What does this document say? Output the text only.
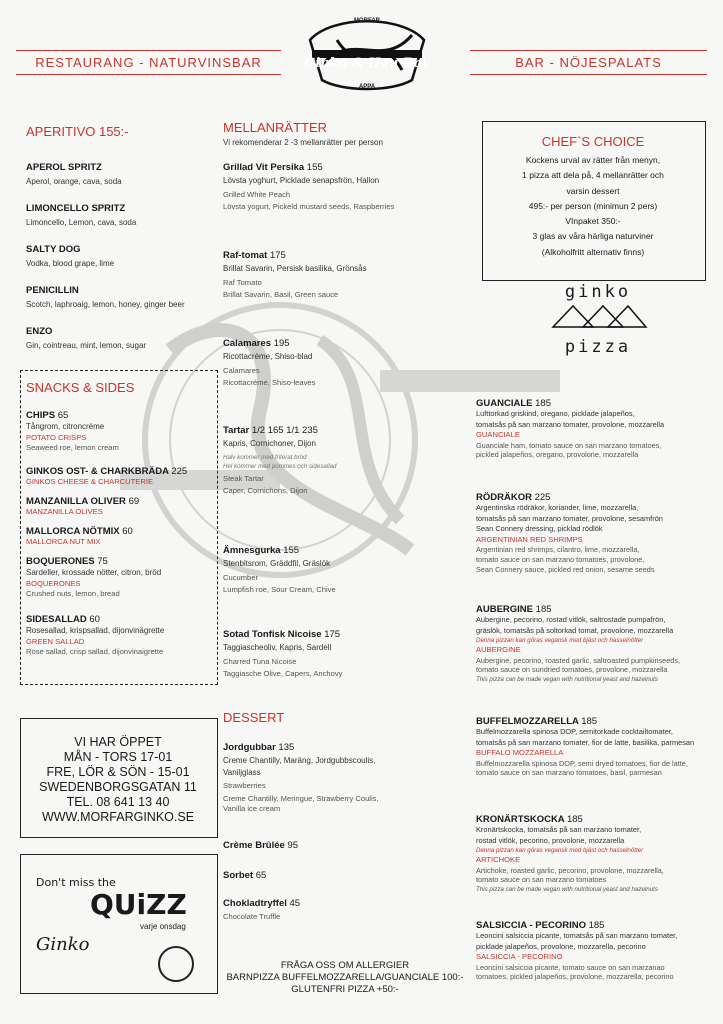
RESTAURANG - NATURVINSBAR	BAR - NÖJESPALATS
Ginko & Hau Bay
MORFAR
APPA
APERITIVO 155:-
APEROL SPRITZ
Aperol, orange, cava, soda
LIMONCELLO SPRITZ
Limoncello, Lemon, cava, soda
SALTY DOG
Vodka, blood grape, lime
PENICILLIN
Scotch, laphroaig, lemon, honey, ginger beer
ENZO
Gin, cointreau, mint, lemon, sugar
SNACKS & SIDES
CHIPS 65
Tångrom, citroncréme
POTATO CRISPS
Seaweed roe, lemon cream
GINKOS OST- & CHARKBRÄDA 225
GINKOS CHEESE & CHARCUTERIE
MANZANILLA OLIVER 69
MANZANILLA OLIVES
MALLORCA NÖTMIX 60
MALLORCA NUT MIX
BOQUERONES 75
Sardeller, krossade nötter, citron, bröd
BOQUERONES
Crushed nuts, lemon, bread
SIDESALLAD 60
Rosesallad, krispsallad, dijonvinägrette
GREEN SALLAD
Rose sallad, crisp sallad, dijonvinaigrette
VI HAR ÖPPET
MÅN - TORS 17-01
FRE, LÖR & SÖN - 15-01
SWEDENBORGSGATAN 11
TEL. 08 641 13 40
WWW.MORFARGINKO.SE
Don't miss the
QUiZZ
varje onsdag
Ginko
MELLANRÄTTER
Vi rekomenderar 2 -3 mellanrätter per person
Grillad Vit Persika 155
Lövsta yoghurt, Picklade senapsfrön, Hallon
Grilled White Peach
Lövsta yogurt, Pickeld mustard seeds, Raspberries
Raf-tomat 175
Brillat Savarin, Persisk basilika, Grönsås
Raf Tomato
Brillat Savarin, Basil, Green sauce
Calamares 195
Ricottacréme, Shiso-blad
Calamares
Ricottacréme, Shiso-leaves
Tartar 1/2 165 1/1 235
Kapris, Cornichoner, Dijon
Halv kommer med friterat bröd
Hel kommer med pommes och sidesallad
Steak Tartar
Caper, Cornichons, Dijon
Ämnesgurka 155
Stenbitsrom, Gräddfil, Gräslök
Cucumber
Lumpfish roe, Sour Cream, Chive
Sotad Tonfisk Nicoise 175
Taggiascheoliv, Kapris, Sardell
Charred Tuna Nicoise
Taggiasche Olive, Capers, Anchovy
DESSERT
Jordgubbar 135
Creme Chantilly, Maräng, Jordgubbscoulis,
Vaniljglass
Strawberries
Creme Chantilly, Meringue, Strawberry Coulis,
Vanilla ice cream
Crème Brûlée 95
Sorbet 65
Chokladtryffel 45
Chocolate Truffle
FRÅGA OSS OM ALLERGIER
BARNPIZZA BUFFELMOZZARELLA/GUANCIALE 100:-
GLUTENFRI PIZZA +50:-
CHEF`S CHOICE
Kockens urval av rätter från menyn,
1 pizza att dela på, 4 mellanrätter och
varsin dessert
495:- per person (minimun 2 pers)
VInpaket 350:-
3 glas av våra härliga naturviner
(Alkoholfritt alternativ finns)
ginko
pizza
GUANCIALE 185
Lufttorkad griskind, oregano, picklade jalapeños,
tomatsås på san marzano tomater, provolone, mozzarella
GUANCIALE
Guanciale ham, tomato sauce on san marzano tomatoes,
pickled jalapeños, oregano, provolone, mozzarella
RÖDRÄKOR 225
Argentinska rödräkor, koriander, lime, mozzarella,
tomatsås på san marzano tomater, provolone, sesamfrön
Sean Connery dressing, picklad rödlök
ARGENTINIAN RED SHRIMPS
Argentinian red shrimps, cilantro, lime, mozzarella,
tomato sauce on san marzano tomatoes, provolone,
Sean Connery sauce, pickled red onion, sesame seeds
AUBERGINE 185
Aubergine, pecorino, rostad vitlök, saltrostade pumpafrön,
gräslök, tomatsås på soltorkad tomat, provolone, mozzarella
Denna pizzan kan göras vegansk med bjäst och hasselnötter
AUBERGINE
Aubergine, pecorino, roasted garlic, saltroasted pumpkinseeds,
tomato sauce on sundried tomatoes, provolone, mozzarella
This pizza can be made vegan with nutritional yeast and hazelnuts
BUFFELMOZZARELLA 185
Buffelmozzarella spinosa DOP, semitorkade cocktailtomater,
tomatsås på san marzano tomater, fior de latte, basilika, parmesan
BUFFALO MOZZARELLA
Buffelmozzarella spinosa DOP, semi dryed tomatoes, fior de latte,
tomato sauce on san marzano tomatoes, basil, parmesan
KRONÄRTSKOCKA 185
Kronärtskocka, tomatsås på san marzano tomater,
rostad vitlök, pecorino, provolone, mozzarella
Denna pizzan kan göras vegansk med bjäst och hasselnötter
ARTICHOKE
Artichoke, roasted garlic, pecorino, provolone, mozzarella,
tomato sauce on san marzano tomatoes
This pizza can be made vegan with nutritional yeast and hazelnuts
SALSICCIA - PECORINO 185
Leoncini salsiccia picante, tomatsås på san marzano tomater,
picklade jalapeños, provolone, mozzarella, pecorino
SALSICCIA - PECORINO
Leoncini salsiccia picante, tomato sauce on san marzanao
tomatoes, pickled jalapeños, provolone, mozzarella, pecorino
